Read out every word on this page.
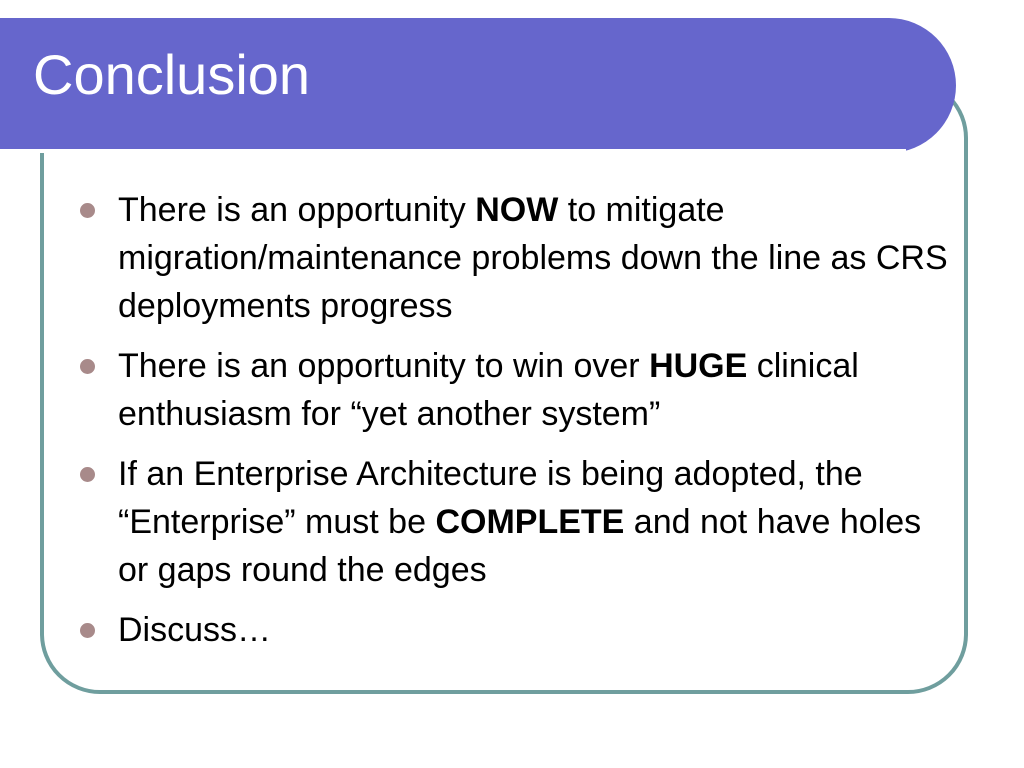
Conclusion
There is an opportunity NOW to mitigate migration/maintenance problems down the line as CRS deployments progress
There is an opportunity to win over HUGE clinical enthusiasm for “yet another system”
If an Enterprise Architecture is being adopted, the “Enterprise” must be COMPLETE and not have holes or gaps round the edges
Discuss…
